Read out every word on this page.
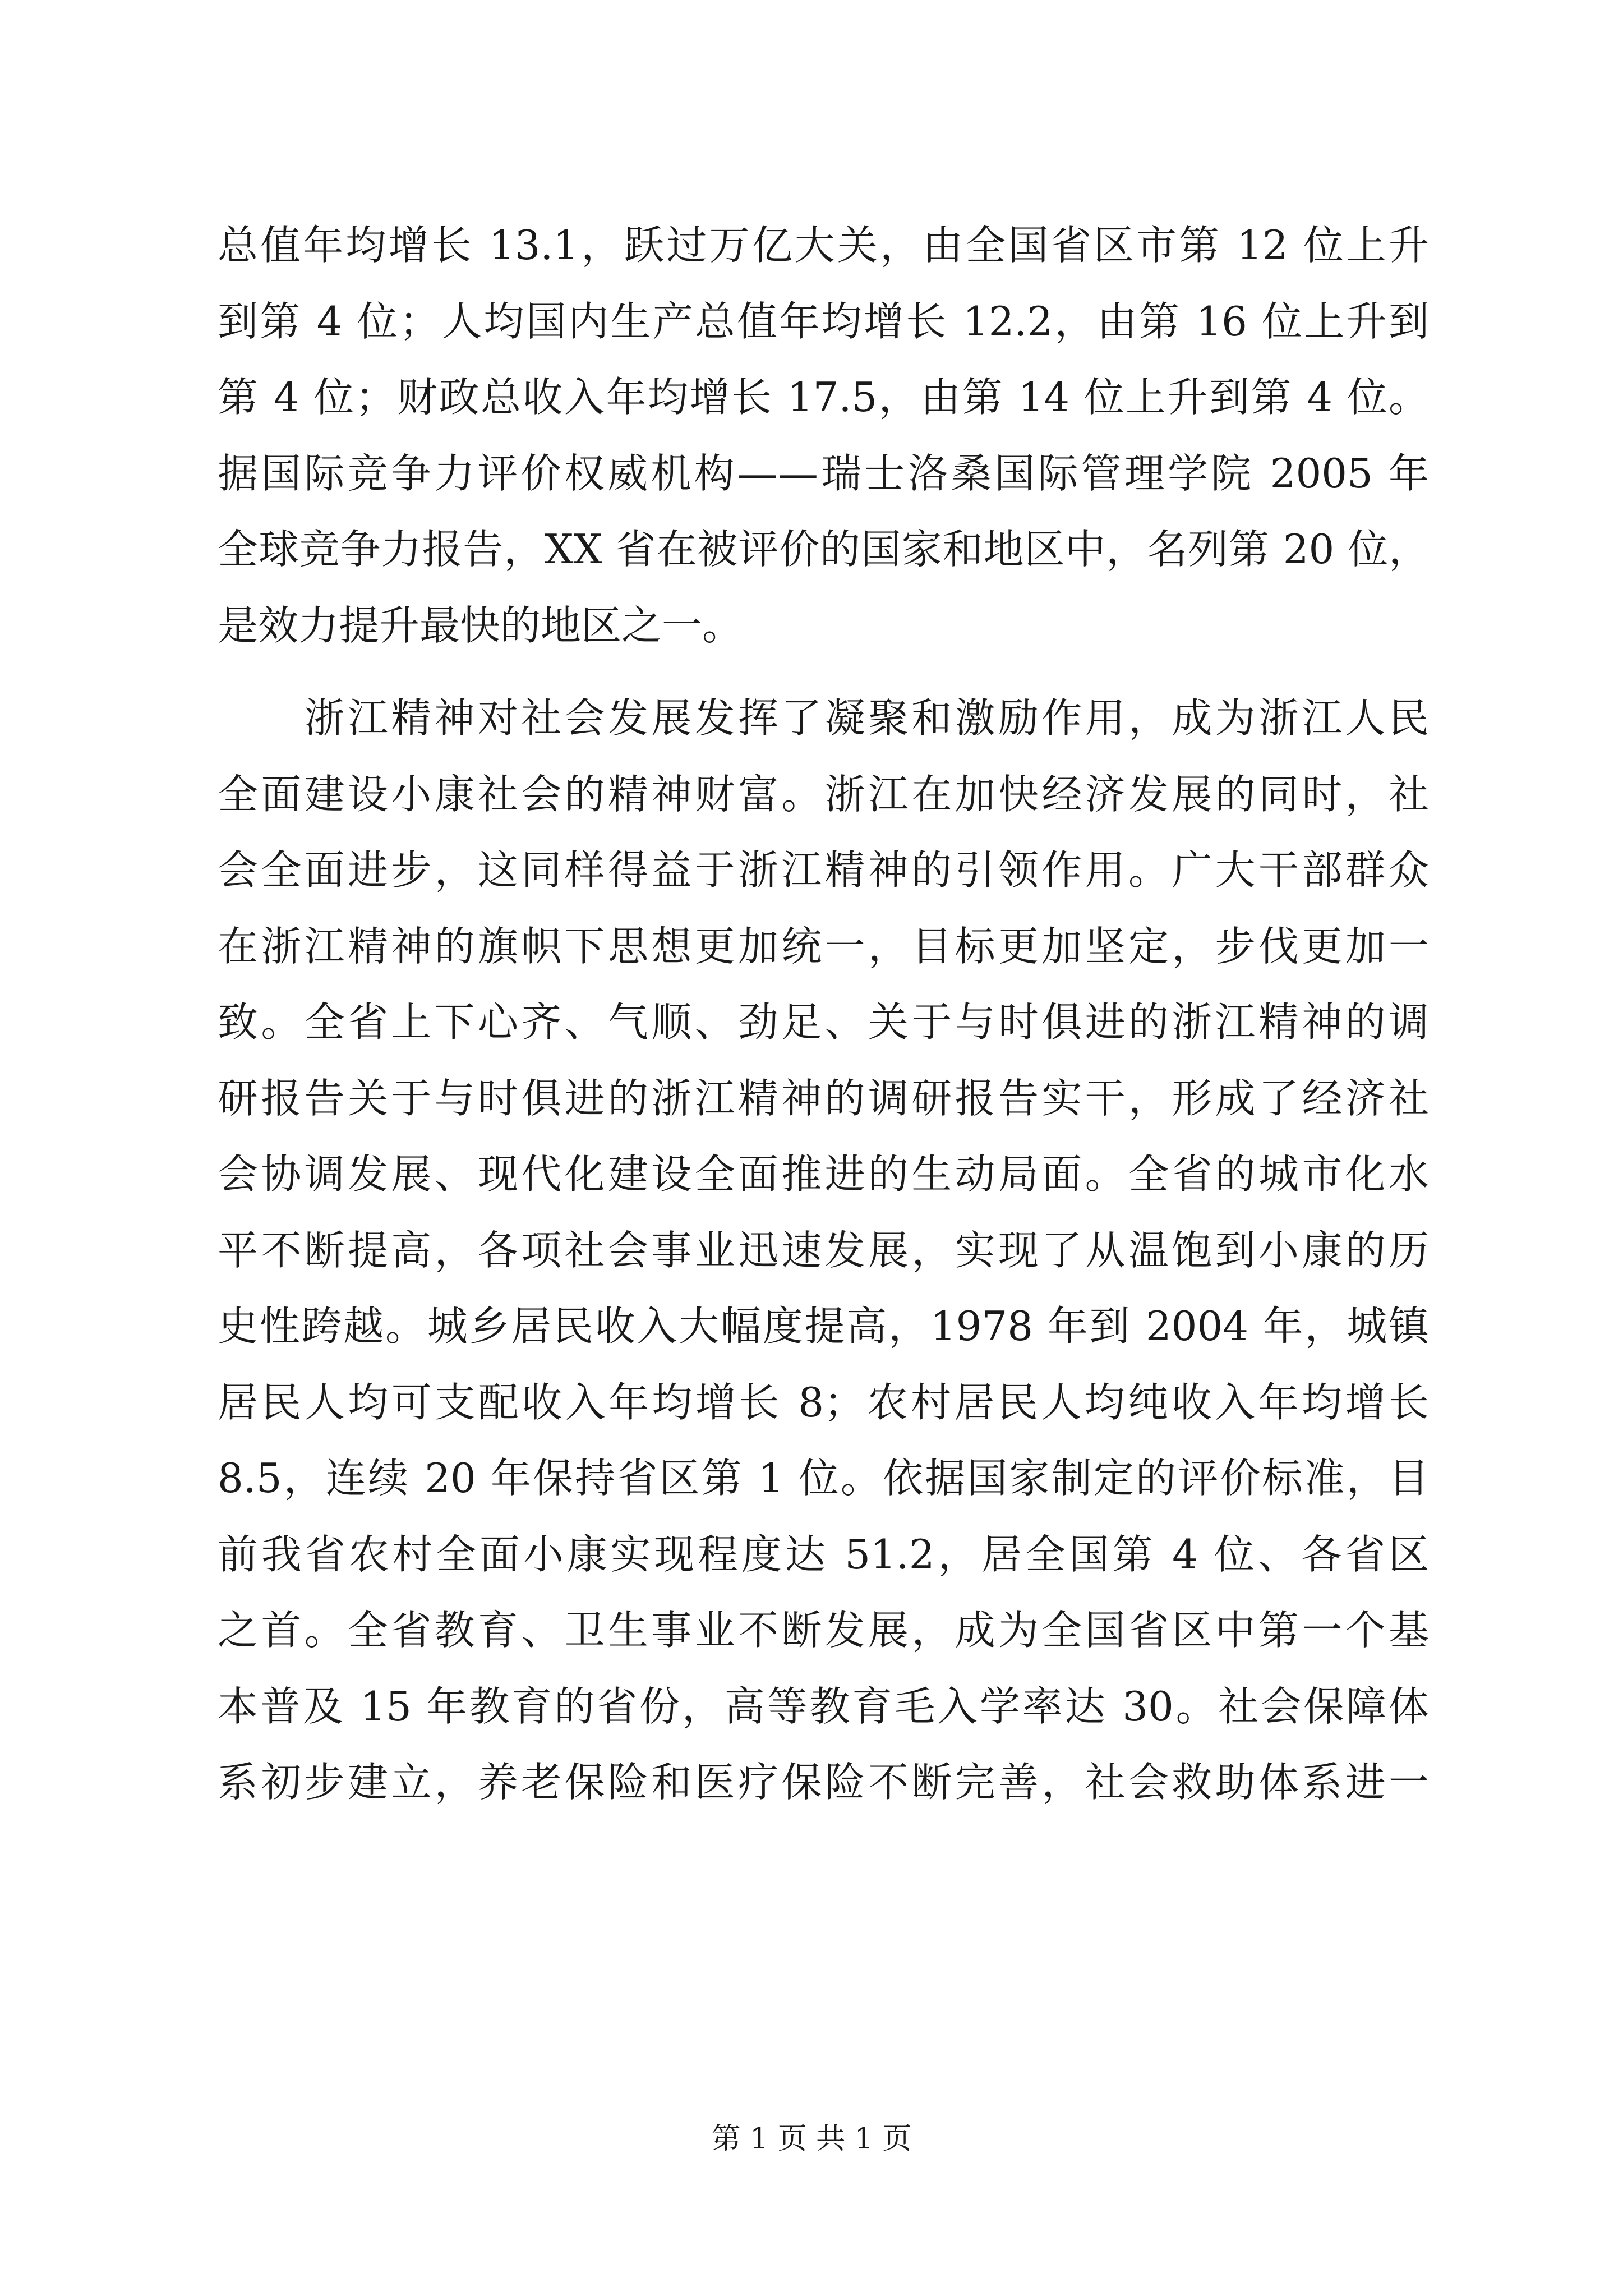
总值年均增长 13.1，跃过万亿大关，由全国省区市第 12 位上升
到第 4 位；人均国内生产总值年均增长 12.2，由第 16 位上升到
第 4 位；财政总收入年均增长 17.5，由第 14 位上升到第 4 位。
据国际竞争力评价权威机构——瑞士洛桑国际管理学院 2005 年
全球竞争力报告，XX 省在被评价的国家和地区中，名列第 20 位，
是效力提升最快的地区之一。
　　浙江精神对社会发展发挥了凝聚和激励作用，成为浙江人民
全面建设小康社会的精神财富。浙江在加快经济发展的同时，社
会全面进步，这同样得益于浙江精神的引领作用。广大干部群众
在浙江精神的旗帜下思想更加统一，目标更加坚定，步伐更加一
致。全省上下心齐、气顺、劲足、关于与时俱进的浙江精神的调
研报告关于与时俱进的浙江精神的调研报告实干，形成了经济社
会协调发展、现代化建设全面推进的生动局面。全省的城市化水
平不断提高，各项社会事业迅速发展，实现了从温饱到小康的历
史性跨越。城乡居民收入大幅度提高，1978 年到 2004 年，城镇
居民人均可支配收入年均增长 8；农村居民人均纯收入年均增长
8.5，连续 20 年保持省区第 1 位。依据国家制定的评价标准，目
前我省农村全面小康实现程度达 51.2，居全国第 4 位、各省区
之首。全省教育、卫生事业不断发展，成为全国省区中第一个基
本普及 15 年教育的省份，高等教育毛入学率达 30。社会保障体
系初步建立，养老保险和医疗保险不断完善，社会救助体系进一
第 1 页 共 1 页
